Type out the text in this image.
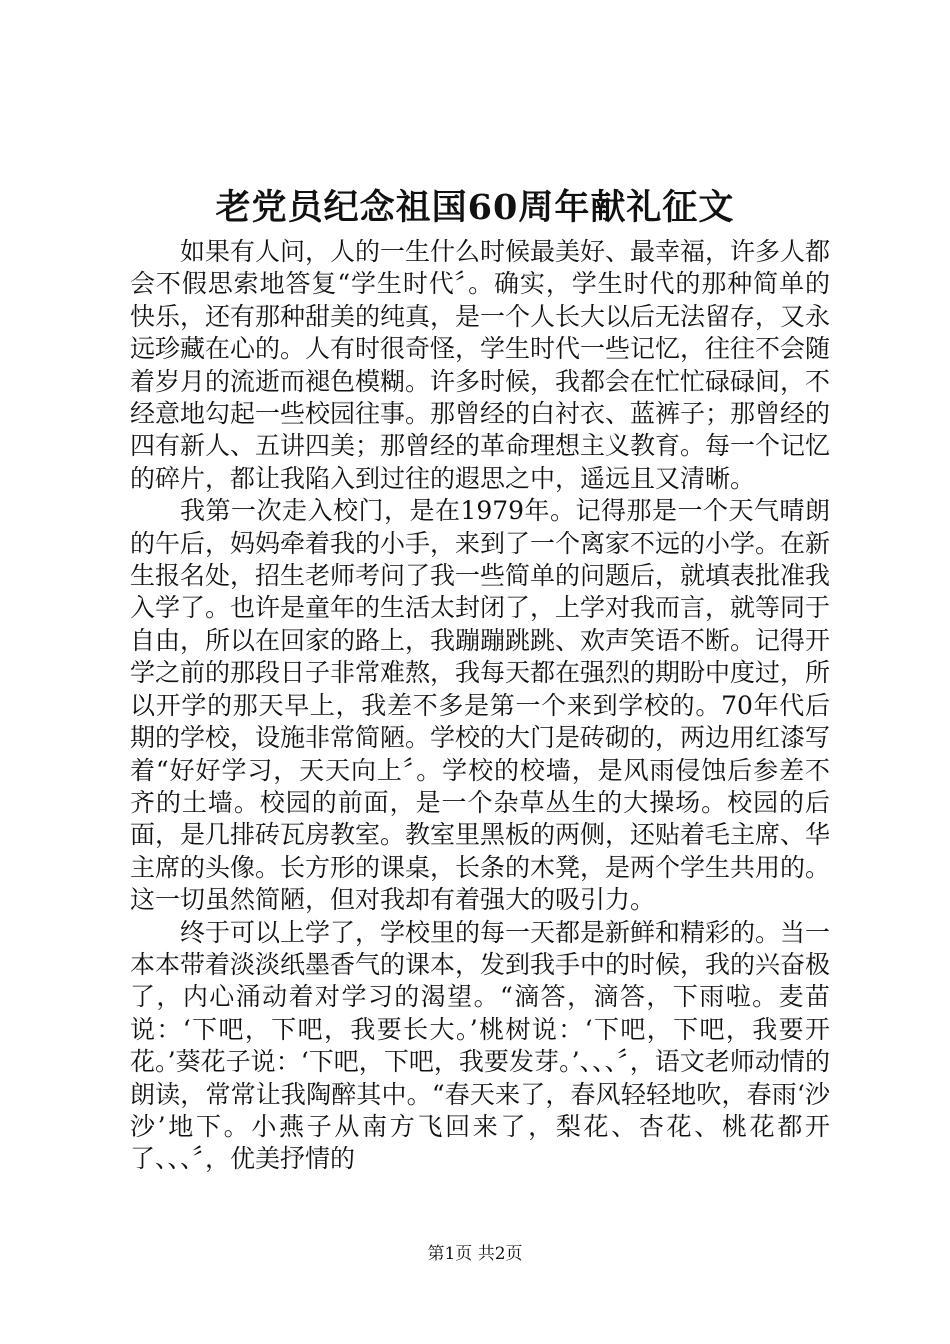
老党员纪念祖国60周年献礼征文

如果有人问，人的一生什么时候最美好、最幸福，许多人都会不假思索地答复“学生时代〞。确实，学生时代的那种简单的快乐，还有那种甜美的纯真，是一个人长大以后无法留存，又永远珍藏在心的。人有时很奇怪，学生时代一些记忆，往往不会随着岁月的流逝而褪色模糊。许多时候，我都会在忙忙碌碌间，不经意地勾起一些校园往事。那曾经的白衬衣、蓝裤子；那曾经的四有新人、五讲四美；那曾经的革命理想主义教育。每一个记忆的碎片，都让我陷入到过往的遐思之中，遥远且又清晰。

我第一次走入校门，是在1979年。记得那是一个天气晴朗的午后，妈妈牵着我的小手，来到了一个离家不远的小学。在新生报名处，招生老师考问了我一些简单的问题后，就填表批准我入学了。也许是童年的生活太封闭了，上学对我而言，就等同于自由，所以在回家的路上，我蹦蹦跳跳、欢声笑语不断。记得开学之前的那段日子非常难熬，我每天都在强烈的期盼中度过，所以开学的那天早上，我差不多是第一个来到学校的。70年代后期的学校，设施非常简陋。学校的大门是砖砌的，两边用红漆写着“好好学习，天天向上〞。学校的校墙，是风雨侵蚀后参差不齐的土墙。校园的前面，是一个杂草丛生的大操场。校园的后面，是几排砖瓦房教室。教室里黑板的两侧，还贴着毛主席、华主席的头像。长方形的课桌，长条的木凳，是两个学生共用的。这一切虽然简陋，但对我却有着强大的吸引力。

终于可以上学了，学校里的每一天都是新鲜和精彩的。当一本本带着淡淡纸墨香气的课本，发到我手中的时候，我的兴奋极了，内心涌动着对学习的渴望。“滴答，滴答，下雨啦。麦苗说：‘下吧，下吧，我要长大。’桃树说：‘下吧，下吧，我要开花。’葵花子说：‘下吧，下吧，我要发芽。’、、、〞，语文老师动情的朗读，常常让我陶醉其中。“春天来了，春风轻轻地吹，春雨‘沙沙’地下。小燕子从南方飞回来了，梨花、杏花、桃花都开了、、、〞，优美抒情的

第1页 共2页
